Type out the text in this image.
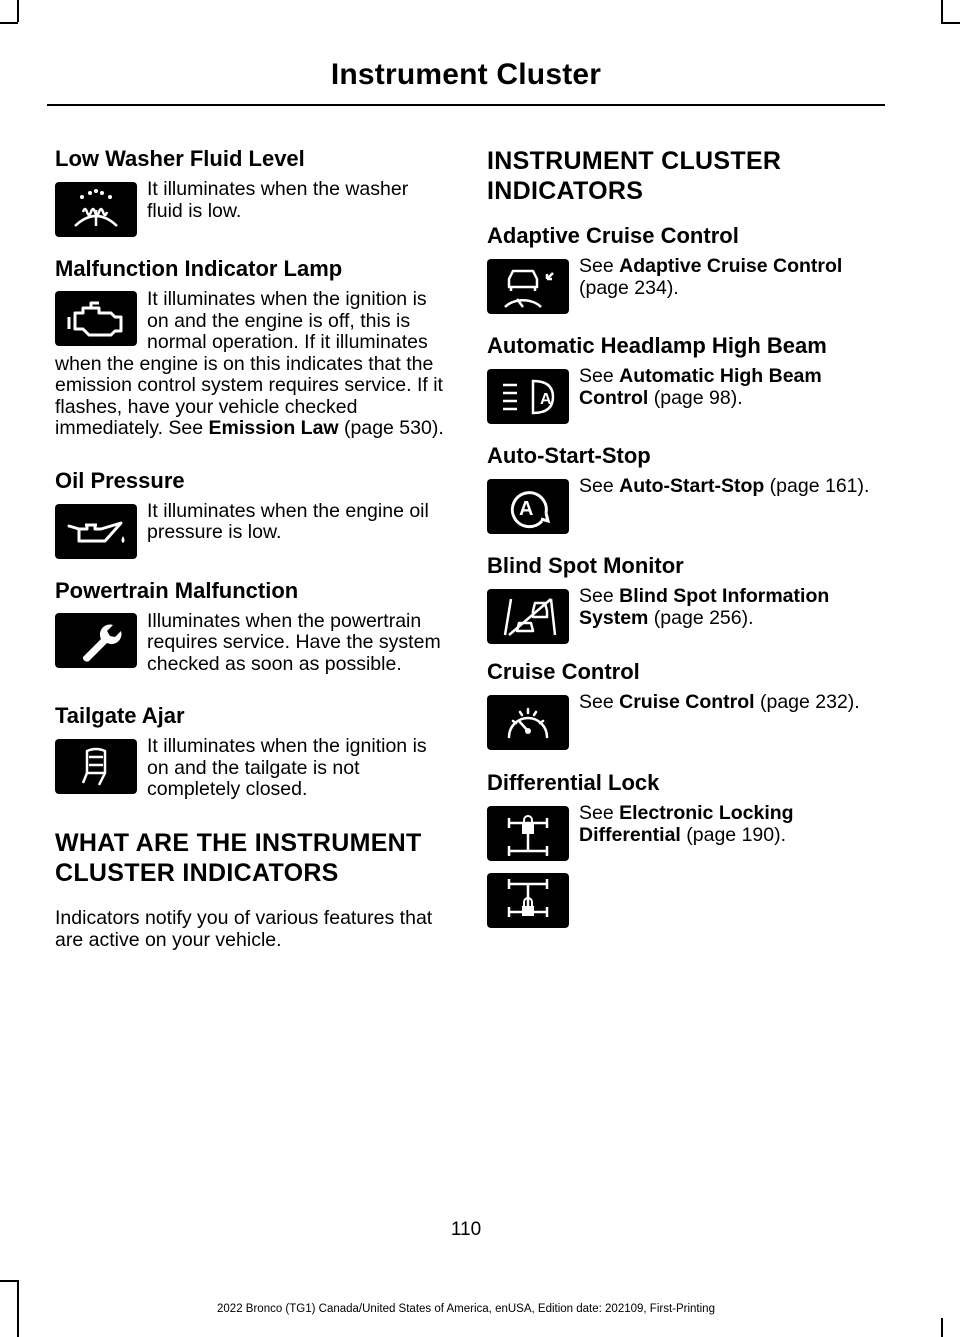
Instrument Cluster
Low Washer Fluid Level
It illuminates when the washer fluid is low.
Malfunction Indicator Lamp

It illuminates when the ignition is on and the engine is off, this is normal operation. If it illuminates when the engine is on this indicates that the emission control system requires service. If it flashes, have your vehicle checked immediately. See Emission Law (page 530).

Oil Pressure
It illuminates when the engine oil pressure is low.
Powertrain Malfunction

Illuminates when the powertrain requires service. Have the system checked as soon as possible.

Tailgate Ajar
It illuminates when the ignition is on and the tailgate is not completely closed.
WHAT ARE THE INSTRUMENT
CLUSTER INDICATORS

Indicators notify you of various features that are active on your vehicle.

INSTRUMENT CLUSTER
INDICATORS
Adaptive Cruise Control
See Adaptive Cruise Control (page 234).
Automatic Headlamp High Beam
A
See Automatic High Beam Control (page 98).
Auto-Start-Stop
A
See Auto-Start-Stop (page 161).
Blind Spot Monitor
See Blind Spot Information System (page 256).
Cruise Control
See Cruise Control (page 232).
Differential Lock
See Electronic Locking Differential (page 190).
110
2022 Bronco (TG1) Canada/United States of America, enUSA, Edition date: 202109, First-Printing
